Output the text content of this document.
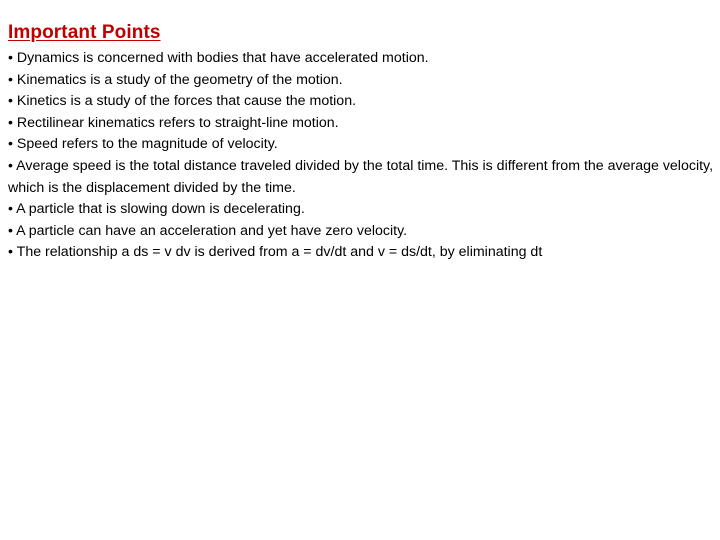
Important Points
• Dynamics is concerned with bodies that have accelerated motion.
• Kinematics is a study of the geometry of the motion.
• Kinetics is a study of the forces that cause the motion.
• Rectilinear kinematics refers to straight-line motion.
• Speed refers to the magnitude of velocity.
• Average speed is the total distance traveled divided by the total time. This is different from the average velocity, which is the displacement divided by the time.
• A particle that is slowing down is decelerating.
• A particle can have an acceleration and yet have zero velocity.
• The relationship a ds = v dv is derived from a = dv/dt and v = ds/dt, by eliminating dt
